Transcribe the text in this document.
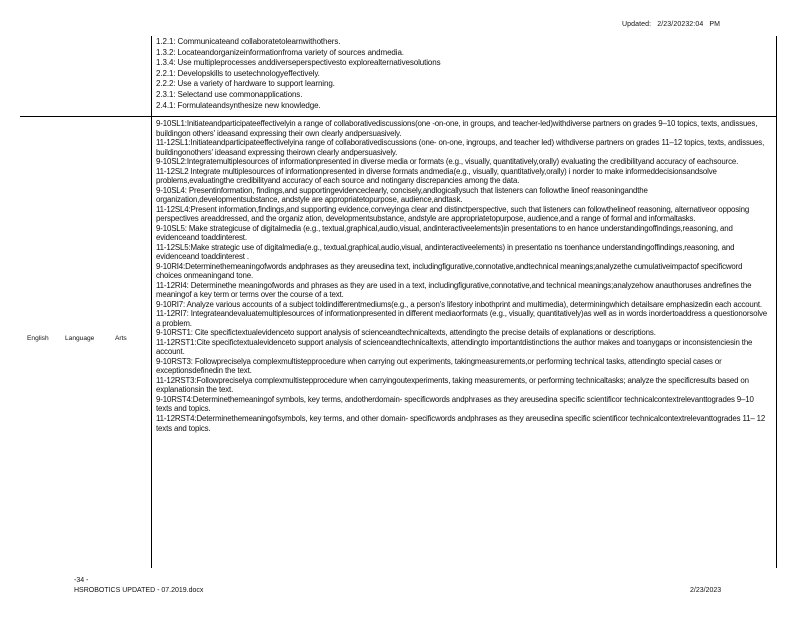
Updated: 2/23/20232:04 PM
1.2.1: Communicateand collaboratetolearnwithothers.
1.3.2: Locateandorganizeinformationfroma variety of sources andmedia.
1.3.4: Use multipleprocesses anddiverseperspectivesto explorealternativesolutions
2.2.1: Developskills to usetechnologyeffectively.
2.2.2: Use a variety of hardware to support learning.
2.3.1: Selectand use commonapplications.
2.4.1: Formulateandsynthesize new knowledge.
English Language	Arts

9-10SL1:Initiateandparticipateeffectivelyin a range of collaborativediscussions(one -on-one, in groups, and teacher-led)withdiverse partners on grades 9–10 topics, texts, andissues, buildingon others' ideasand expressing their own clearly andpersuasively.

11-12SL1:Initiateandparticipateeffectivelyina range of collaborativediscussions (one- on-one, ingroups, and teacher led) withdiverse partners on grades 11–12 topics, texts, andissues, buildingonothers' ideasand expressing theirown clearly andpersuasively.

9-10SL2:Integratemultiplesources of informationpresented in diverse media or formats (e.g., visually, quantitatively,orally) evaluating the credibilityand accuracy of eachsource.

11-12SL2 Integrate multiplesources of informationpresented in diverse formats andmedia(e.g., visually, quantitatively,orally) i norder to make informeddecisionsandsolve problems,evaluatingthe credibilityand accuracy of each source and notingany discrepancies among the data.

9-10SL4: Presentinformation, findings,and supportingevidenceclearly, concisely,andlogicallysuch that listeners can followthe lineof reasoningandthe organization,developmentsubstance, andstyle are appropriatetopurpose, audience,andtask.

11-12SL4:Present information,findings,and supporting evidence,conveyinga clear and distinctperspective, such that listeners can followthelineof reasoning, alternativeor opposing perspectives areaddressed, and the organiz ation, developmentsubstance, andstyle are appropriatetopurpose, audience,and a range of formal and informaltasks.

9-10SL5: Make strategicuse of digitalmedia (e.g., textual,graphical,audio,visual, andinteractiveelements)in presentations to en hance understandingoffindings,reasoning, and evidenceand toaddinterest.

11-12SL5:Make strategic use of digitalmedia(e.g., textual,graphical,audio,visual, andinteractiveelements) in presentatio ns toenhance understandingoffindings,reasoning, and evidenceand toaddinterest .

9-10RI4:Determinethemeaningofwords andphrases as they areusedina text, includingfigurative,connotative,andtechnical meanings;analyzethe cumulativeimpactof specificword choices onmeaningand tone.

11-12RI4: Determinethe meaningofwords and phrases as they are used in a text, includingfigurative,connotative,and technical meanings;analyzehow anauthoruses andrefines the meaningof a key term or terms over the course of a text.

9-10RI7: Analyze various accounts of a subject toldindifferentmediums(e.g., a person's lifestory inbothprint and multimedia), determiningwhich detailsare emphasizedin each account.

11-12RI7: Integrateandevaluatemultiplesources of informationpresented in different mediaorformats (e.g., visually, quantitatively)as well as in words inordertoaddress a questionorsolve a problem.

9-10RST1: Cite specifictextualevidenceto support analysis of scienceandtechnicaltexts, attendingto the precise details of explanations or descriptions.

11-12RST1:Cite specifictextualevidenceto support analysis of scienceandtechnicaltexts, attendingto importantdistinctions the author makes and toanygaps or inconsistenciesin the account.

9-10RST3: Followpreciselya complexmultistepprocedure when carrying out experiments, takingmeasurements,or performing technical tasks, attendingto special cases or exceptionsdefinedin the text.

11-12RST3:Followpreciselya complexmultistepprocedure when carryingoutexperiments, taking measurements, or performing technicaltasks; analyze the specificresults based on explanationsin the text.

9-10RST4:Determinethemeaningof symbols, key terms, andotherdomain- specificwords andphrases as they areusedina specific scientificor technicalcontextrelevanttogrades 9–10 texts and topics.

11-12RST4:Determinethemeaningofsymbols, key terms, and other domain- specificwords andphrases as they areusedina specific scientificor technicalcontextrelevanttogrades 11– 12 texts and topics.

-34 -
HSROBOTICS UPDATED - 07.2019.docx	2/23/2023
